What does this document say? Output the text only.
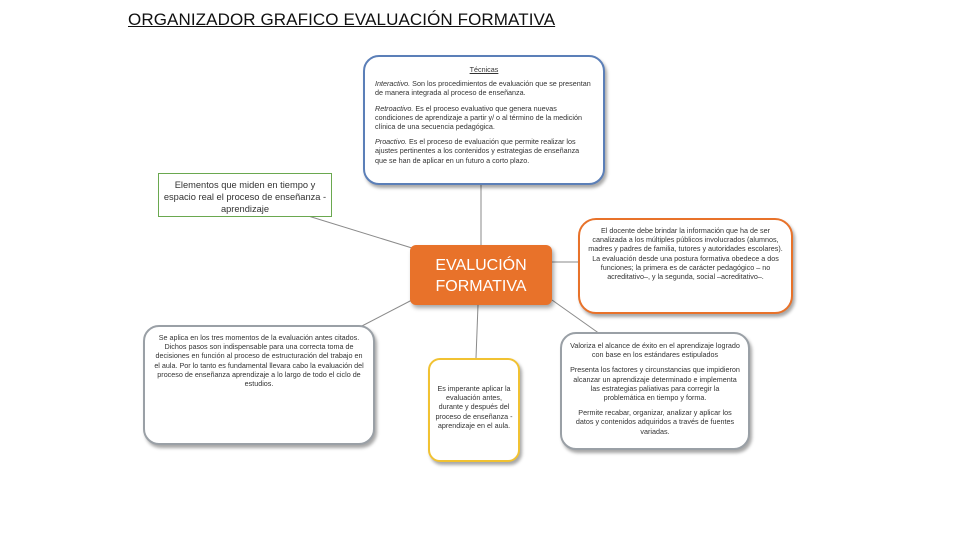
ORGANIZADOR GRAFICO EVALUACIÓN FORMATIVA
Técnicas

Interactivo. Son los procedimientos de evaluación que se presentan de manera integrada al proceso de enseñanza.

Retroactivo. Es el proceso evaluativo que genera nuevas condiciones de aprendizaje a partir y/ o al término de la medición clínica de una secuencia pedagógica.

Proactivo. Es el proceso de evaluación que permite realizar los ajustes pertinentes a los contenidos y estrategias de enseñanza que se han de aplicar en un futuro a corto plazo.

Elementos que miden en tiempo y espacio real el proceso de enseñanza -aprendizaje
EVALUCIÓN
FORMATIVA
El docente debe brindar la información que ha de ser canalizada a los múltiples públicos involucrados (alumnos, madres y padres de familia, tutores y autoridades escolares). La evaluación desde una postura formativa obedece a dos funciones; la primera es de carácter pedagógico – no acreditativo–, y la segunda, social –acreditativo–.
Se aplica en los tres momentos de la evaluación antes citados. Dichos pasos son indispensable para una correcta toma de decisiones en función al proceso de estructuración del trabajo en el aula. Por lo tanto es fundamental llevara cabo la evaluación del proceso de enseñanza aprendizaje a lo largo de todo el ciclo de estudios.
Es imperante aplicar la evaluación antes, durante y después del proceso de enseñanza -aprendizaje en el aula.

Valoriza el alcance de éxito en el aprendizaje logrado con base en los estándares estipulados

Presenta los factores y circunstancias que impidieron alcanzar un aprendizaje determinado e implementa las estrategias paliativas para corregir la problemática en tiempo y forma.

Permite recabar, organizar, analizar y aplicar los datos y contenidos adquiridos a través de fuentes variadas.
